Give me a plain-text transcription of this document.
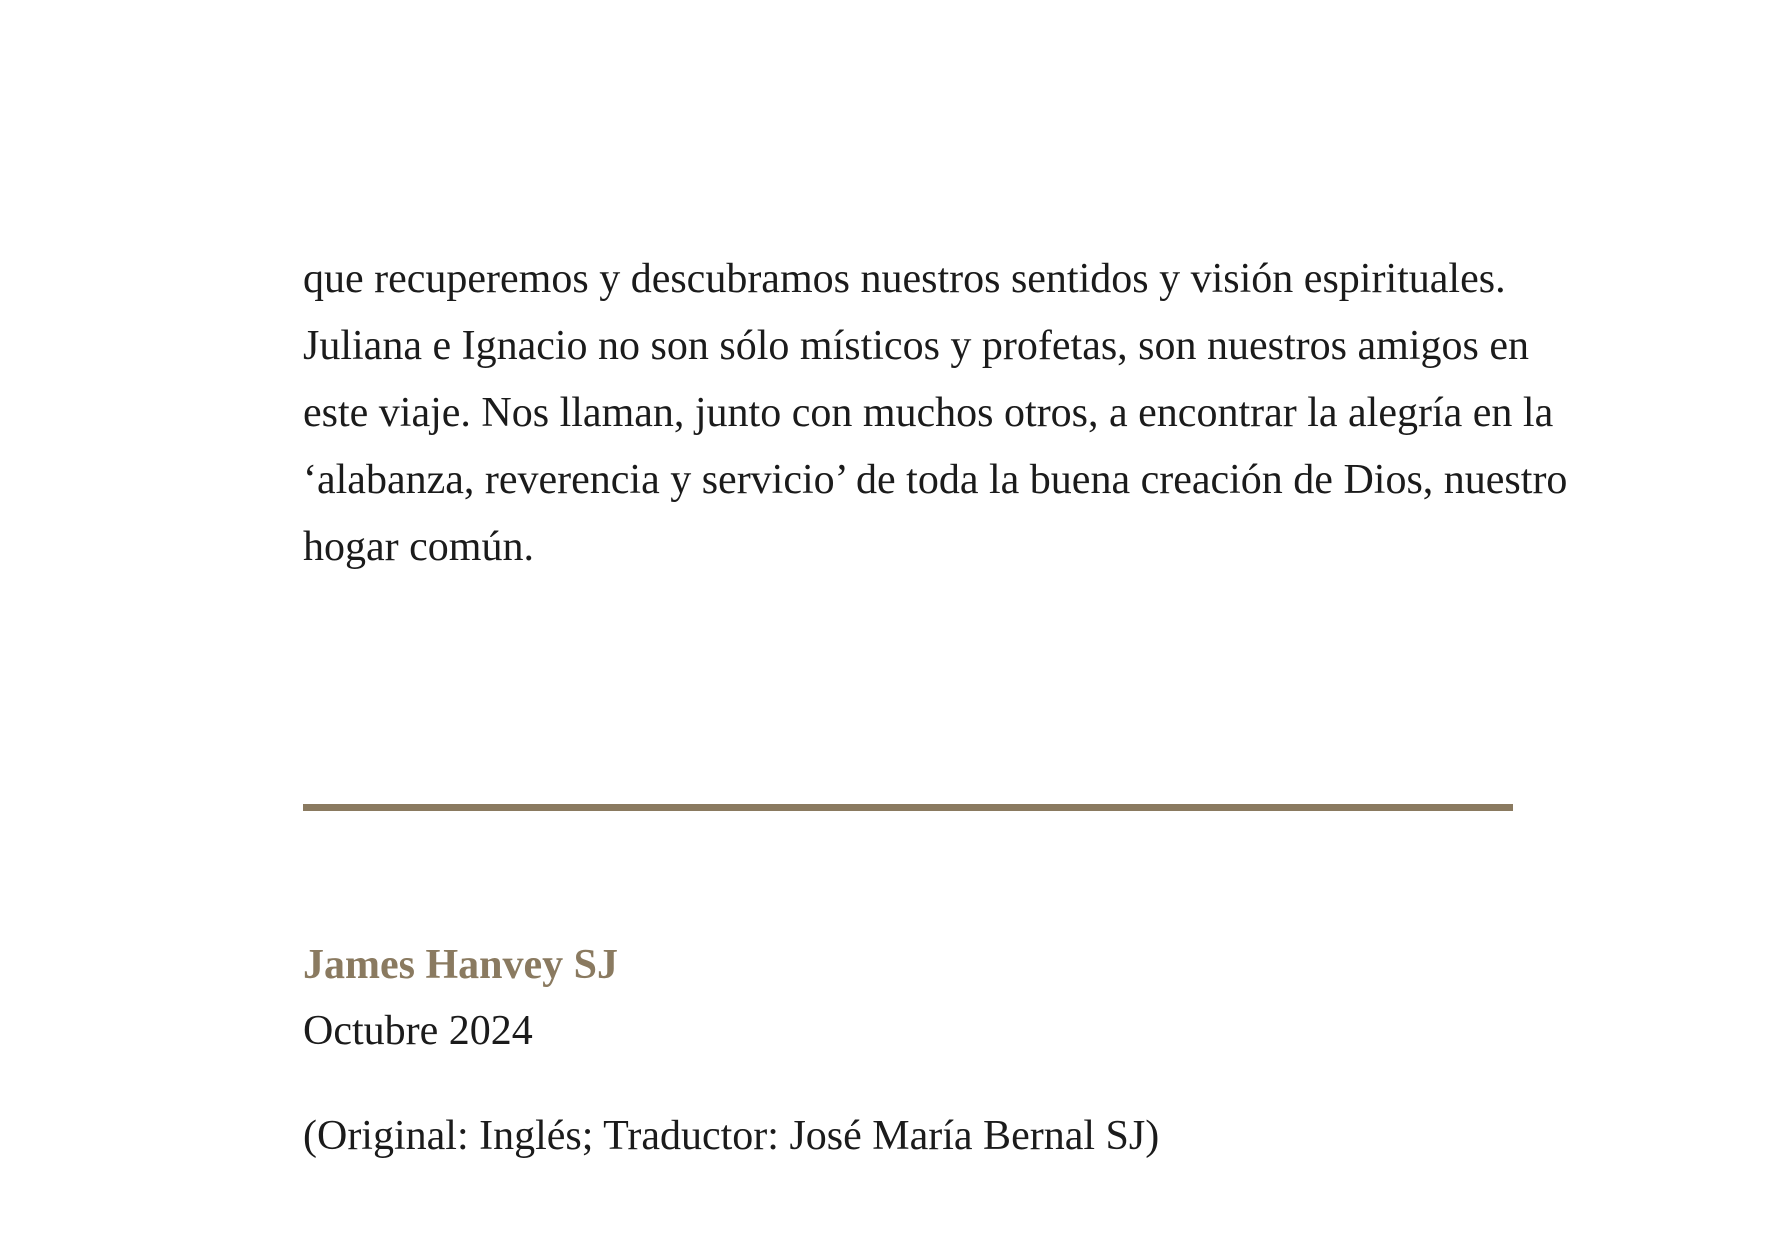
que recuperemos y descubramos nuestros sentidos y visión espirituales.
Juliana e Ignacio no son sólo místicos y profetas, son nuestros amigos en
este viaje. Nos llaman, junto con muchos otros, a encontrar la alegría en la
‘alabanza, reverencia y servicio’ de toda la buena creación de Dios, nuestro
hogar común.

James Hanvey SJ

Octubre 2024

(Original: Inglés; Traductor: José María Bernal SJ)
